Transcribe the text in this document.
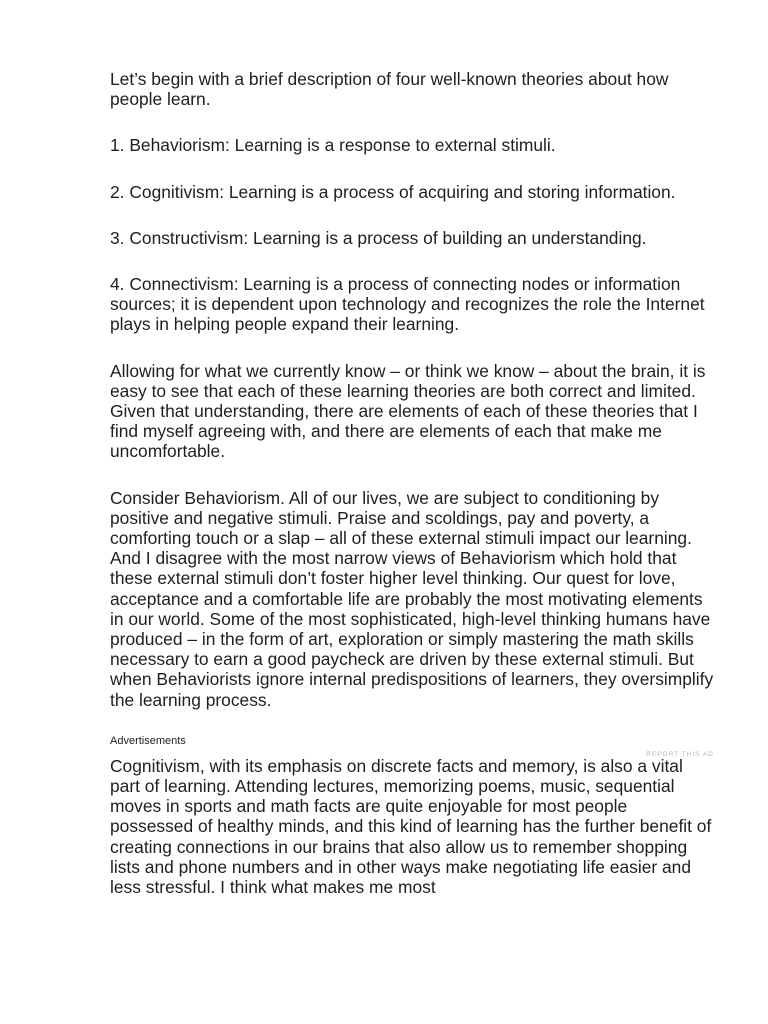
Let’s begin with a brief description of four well-known theories about how people learn.

1. Behaviorism: Learning is a response to external stimuli.

2. Cognitivism: Learning is a process of acquiring and storing information.

3. Constructivism: Learning is a process of building an understanding.

4. Connectivism: Learning is a process of connecting nodes or information sources; it is dependent upon technology and recognizes the role the Internet plays in helping people expand their learning.

Allowing for what we currently know – or think we know – about the brain, it is easy to see that each of these learning theories are both correct and limited. Given that understanding, there are elements of each of these theories that I find myself agreeing with, and there are elements of each that make me uncomfortable.

Consider Behaviorism. All of our lives, we are subject to conditioning by positive and negative stimuli. Praise and scoldings, pay and poverty, a comforting touch or a slap – all of these external stimuli impact our learning. And I disagree with the most narrow views of Behaviorism which hold that these external stimuli don’t foster higher level thinking. Our quest for love, acceptance and a comfortable life are probably the most motivating elements in our world. Some of the most sophisticated, high-level thinking humans have produced – in the form of art, exploration or simply mastering the math skills necessary to earn a good paycheck are driven by these external stimuli. But when Behaviorists ignore internal predispositions of learners, they oversimplify the learning process.

Advertisements
REPORT THIS AD

Cognitivism, with its emphasis on discrete facts and memory, is also a vital part of learning. Attending lectures, memorizing poems, music, sequential moves in sports and math facts are quite enjoyable for most people possessed of healthy minds, and this kind of learning has the further benefit of creating connections in our brains that also allow us to remember shopping lists and phone numbers and in other ways make negotiating life easier and less stressful. I think what makes me most
